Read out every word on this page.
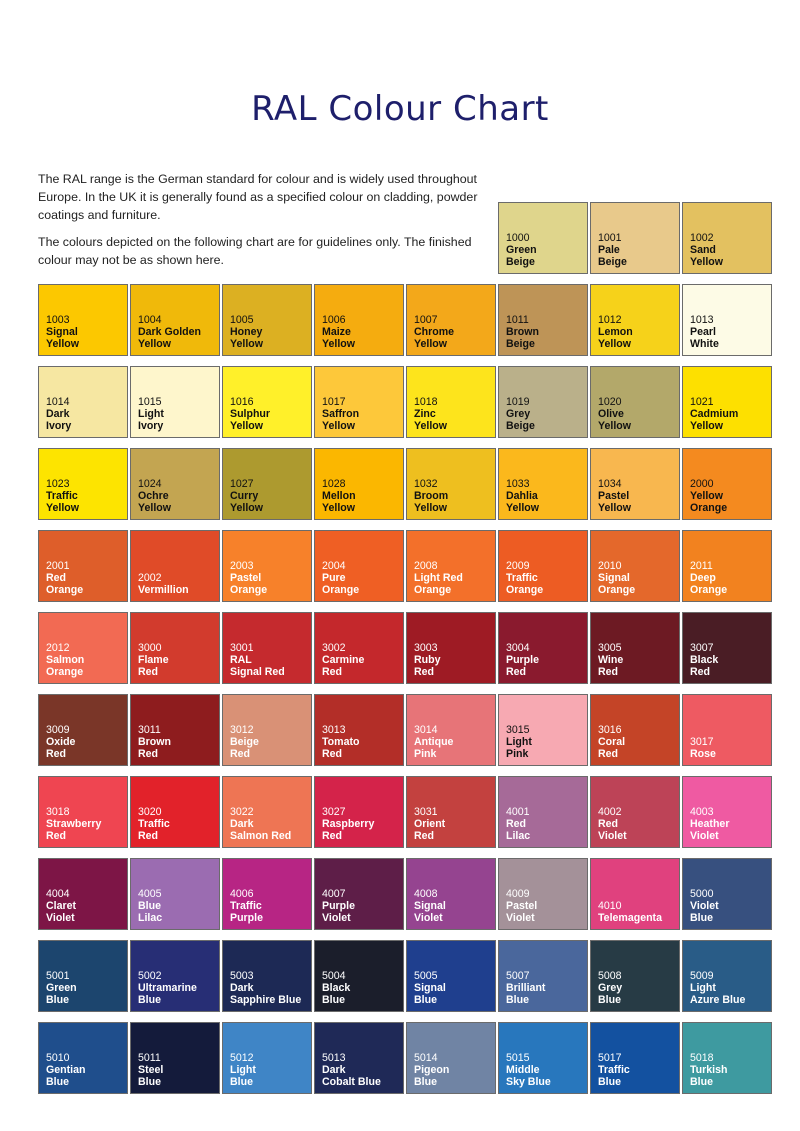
RAL Colour Chart

The RAL range is the German standard for colour and is widely used throughout Europe. In the UK it is generally found as a specified colour on cladding, powder coatings and furniture.

The colours depicted on the following chart are for guidelines only. The finished colour may not be as shown here.

1000
Green
Beige
1001
Pale
Beige
1002
Sand
Yellow
1003
Signal
Yellow
1004
Dark Golden
Yellow
1005
Honey
Yellow
1006
Maize
Yellow
1007
Chrome
Yellow
1011
Brown
Beige
1012
Lemon
Yellow
1013
Pearl
White
1014
Dark
Ivory
1015
Light
Ivory
1016
Sulphur
Yellow
1017
Saffron
Yellow
1018
Zinc
Yellow
1019
Grey
Beige
1020
Olive
Yellow
1021
Cadmium
Yellow
1023
Traffic
Yellow
1024
Ochre
Yellow
1027
Curry
Yellow
1028
Mellon
Yellow
1032
Broom
Yellow
1033
Dahlia
Yellow
1034
Pastel
Yellow
2000
Yellow
Orange
2001
Red
Orange
2002
Vermillion
2003
Pastel
Orange
2004
Pure
Orange
2008
Light Red
Orange
2009
Traffic
Orange
2010
Signal
Orange
2011
Deep
Orange
2012
Salmon
Orange
3000
Flame
Red
3001
RAL
Signal Red
3002
Carmine
Red
3003
Ruby
Red
3004
Purple
Red
3005
Wine
Red
3007
Black
Red
3009
Oxide
Red
3011
Brown
Red
3012
Beige
Red
3013
Tomato
Red
3014
Antique
Pink
3015
Light
Pink
3016
Coral
Red
3017
Rose
3018
Strawberry
Red
3020
Traffic
Red
3022
Dark
Salmon Red
3027
Raspberry
Red
3031
Orient
Red
4001
Red
Lilac
4002
Red
Violet
4003
Heather
Violet
4004
Claret
Violet
4005
Blue
Lilac
4006
Traffic
Purple
4007
Purple
Violet
4008
Signal
Violet
4009
Pastel
Violet
4010
Telemagenta
5000
Violet
Blue
5001
Green
Blue
5002
Ultramarine
Blue
5003
Dark
Sapphire Blue
5004
Black
Blue
5005
Signal
Blue
5007
Brilliant
Blue
5008
Grey
Blue
5009
Light
Azure Blue
5010
Gentian
Blue
5011
Steel
Blue
5012
Light
Blue
5013
Dark
Cobalt Blue
5014
Pigeon
Blue
5015
Middle
Sky Blue
5017
Traffic
Blue
5018
Turkish
Blue
